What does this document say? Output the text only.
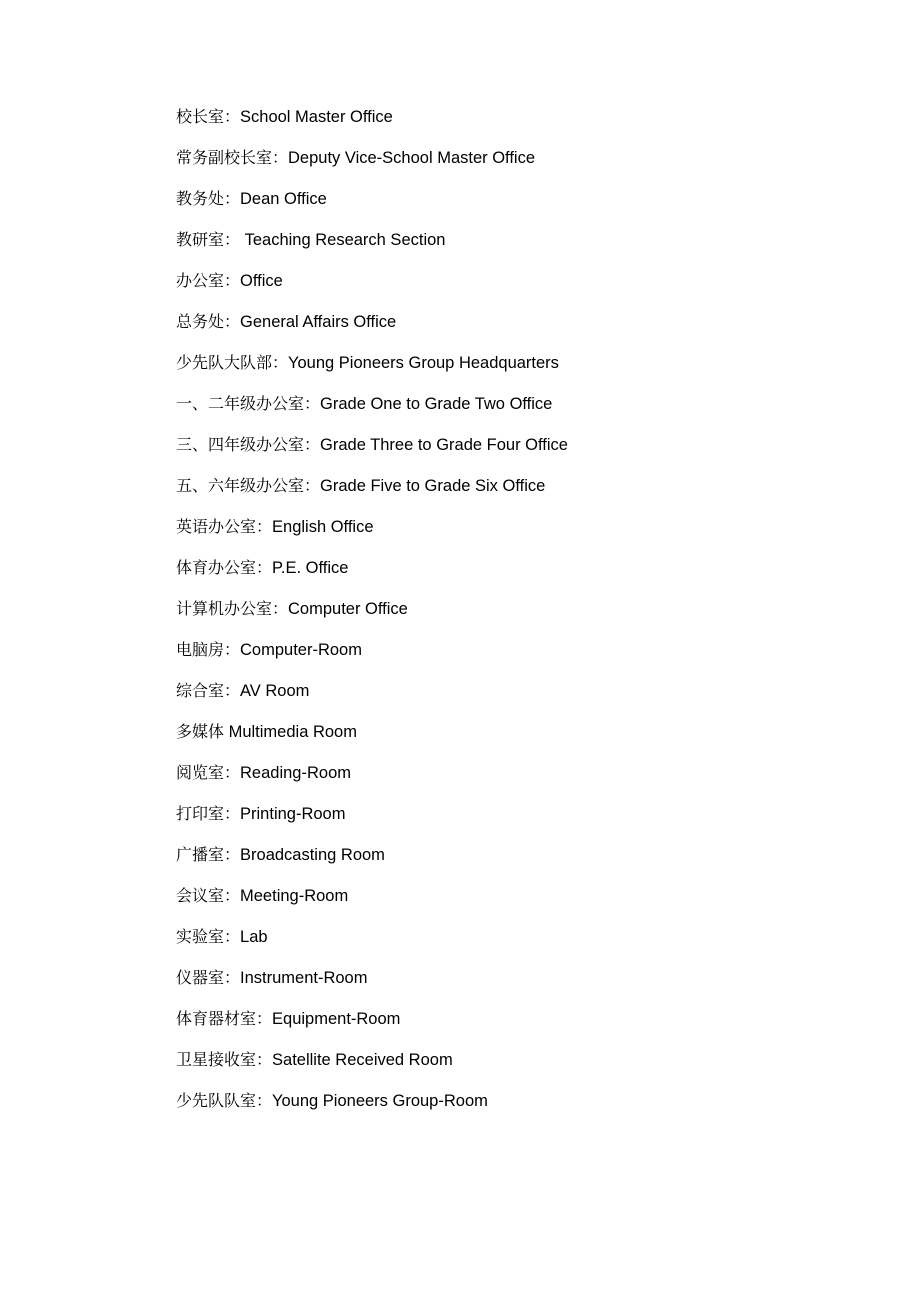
校长室：School Master Office
常务副校长室：Deputy Vice-School Master Office
教务处：Dean Office
教研室： Teaching Research Section
办公室：Office
总务处：General Affairs Office
少先队大队部：Young Pioneers Group Headquarters
一、二年级办公室：Grade One to Grade Two Office
三、四年级办公室：Grade Three to Grade Four Office
五、六年级办公室：Grade Five to Grade Six Office
英语办公室：English Office
体育办公室：P.E. Office
计算机办公室：Computer Office
电脑房：Computer-Room
综合室：AV Room
多媒体 Multimedia Room
阅览室：Reading-Room
打印室：Printing-Room
广播室：Broadcasting Room
会议室：Meeting-Room
实验室：Lab
仪器室：Instrument-Room
体育器材室：Equipment-Room
卫星接收室：Satellite Received Room
少先队队室：Young Pioneers Group-Room
